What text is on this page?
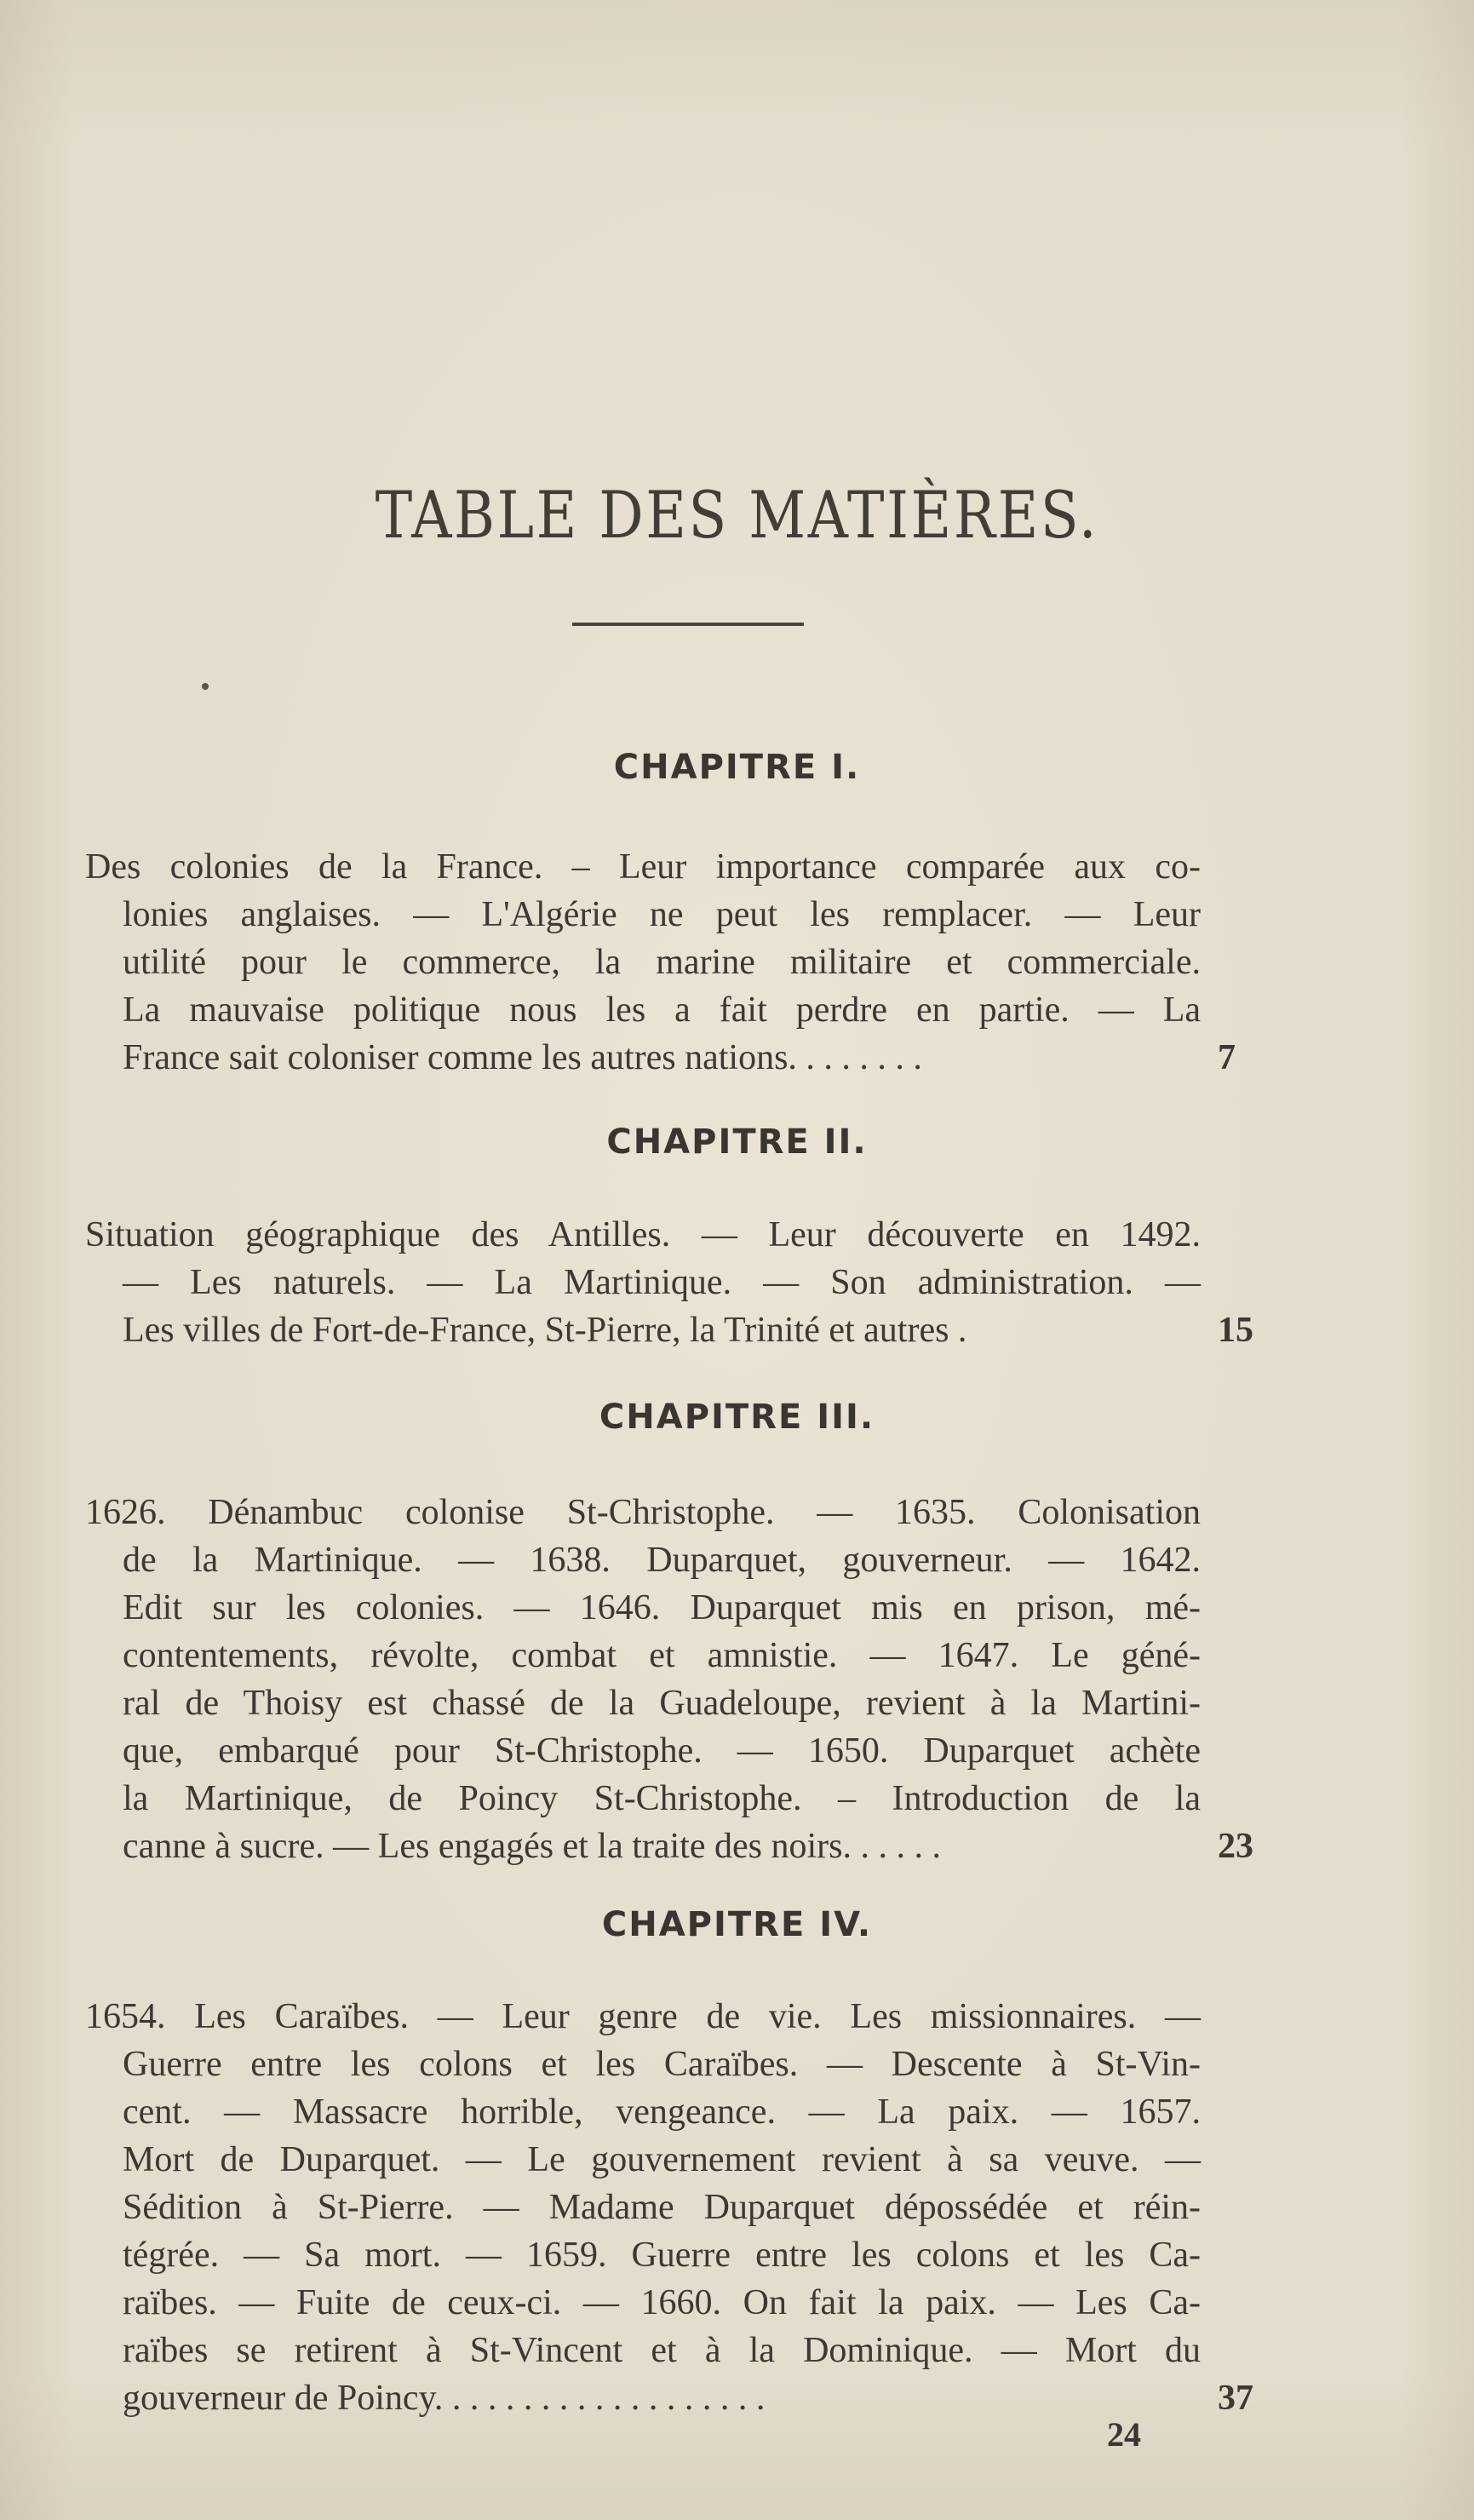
TABLE DES MATIÈRES.
CHAPITRE I.
Des colonies de la France. – Leur importance comparée aux co-
lonies anglaises. — L'Algérie ne peut les remplacer. — Leur
utilité pour le commerce, la marine militaire et commerciale.
La mauvaise politique nous les a fait perdre en partie. — La
France sait coloniser comme les autres nations. . . . . . . .	7
CHAPITRE II.
Situation géographique des Antilles. — Leur découverte en 1492.
— Les naturels. — La Martinique. — Son administration. —
Les villes de Fort-de-France, St-Pierre, la Trinité et autres .	15
CHAPITRE III.
1626. Dénambuc colonise St-Christophe. — 1635. Colonisation
de la Martinique. — 1638. Duparquet, gouverneur. — 1642.
Edit sur les colonies. — 1646. Duparquet mis en prison, mé-
contentements, révolte, combat et amnistie. — 1647. Le géné-
ral de Thoisy est chassé de la Guadeloupe, revient à la Martini-
que, embarqué pour St-Christophe. — 1650. Duparquet achète
la Martinique, de Poincy St-Christophe. – Introduction de la
canne à sucre. — Les engagés et la traite des noirs. . . . . .	23
CHAPITRE IV.
1654. Les Caraïbes. — Leur genre de vie. Les missionnaires. —
Guerre entre les colons et les Caraïbes. — Descente à St-Vin-
cent. — Massacre horrible, vengeance. — La paix. — 1657.
Mort de Duparquet. — Le gouvernement revient à sa veuve. —
Sédition à St-Pierre. — Madame Duparquet dépossédée et réin-
tégrée. — Sa mort. — 1659. Guerre entre les colons et les Ca-
raïbes. — Fuite de ceux-ci. — 1660. On fait la paix. — Les Ca-
raïbes se retirent à St-Vincent et à la Dominique. — Mort du
gouverneur de Poincy. . . . . . . . . . . . . . . . . . .	37
24
